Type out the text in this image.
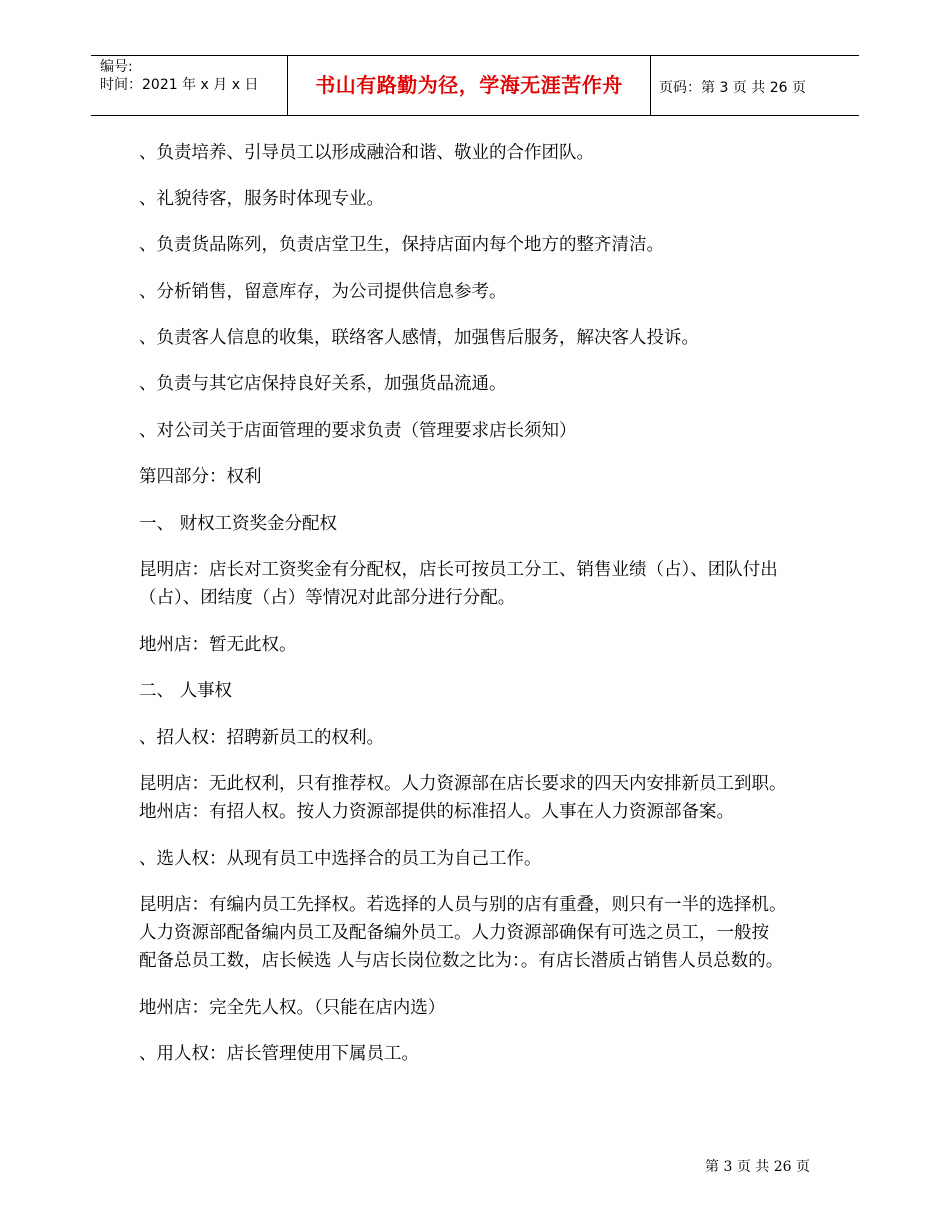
编号:
时间：2021 年 x 月 x 日	书山有路勤为径，学海无涯苦作舟	页码：第 3 页 共 26 页
、负责培养、引导员工以形成融洽和谐、敬业的合作团队。
、礼貌待客，服务时体现专业。
、负责货品陈列，负责店堂卫生，保持店面内每个地方的整齐清洁。
、分析销售，留意库存，为公司提供信息参考。
、负责客人信息的收集，联络客人感情，加强售后服务，解决客人投诉。
、负责与其它店保持良好关系，加强货品流通。
、对公司关于店面管理的要求负责（管理要求店长须知）
第四部分：权利
一、 财权工资奖金分配权
昆明店：店长对工资奖金有分配权，店长可按员工分工、销售业绩（占）、团队付出
（占）、团结度（占）等情况对此部分进行分配。
地州店：暂无此权。
二、 人事权
、招人权：招聘新员工的权利。
昆明店：无此权利，只有推荐权。人力资源部在店长要求的四天内安排新员工到职。
地州店：有招人权。按人力资源部提供的标准招人。人事在人力资源部备案。
、选人权：从现有员工中选择合的员工为自己工作。
昆明店：有编内员工先择权。若选择的人员与别的店有重叠，则只有一半的选择机。
人力资源部配备编内员工及配备编外员工。人力资源部确保有可选之员工，一般按
配备总员工数，店长候选 人与店长岗位数之比为：。有店长潜质占销售人员总数的。
地州店：完全先人权。（只能在店内选）
、用人权：店长管理使用下属员工。
第 3 页 共 26 页
